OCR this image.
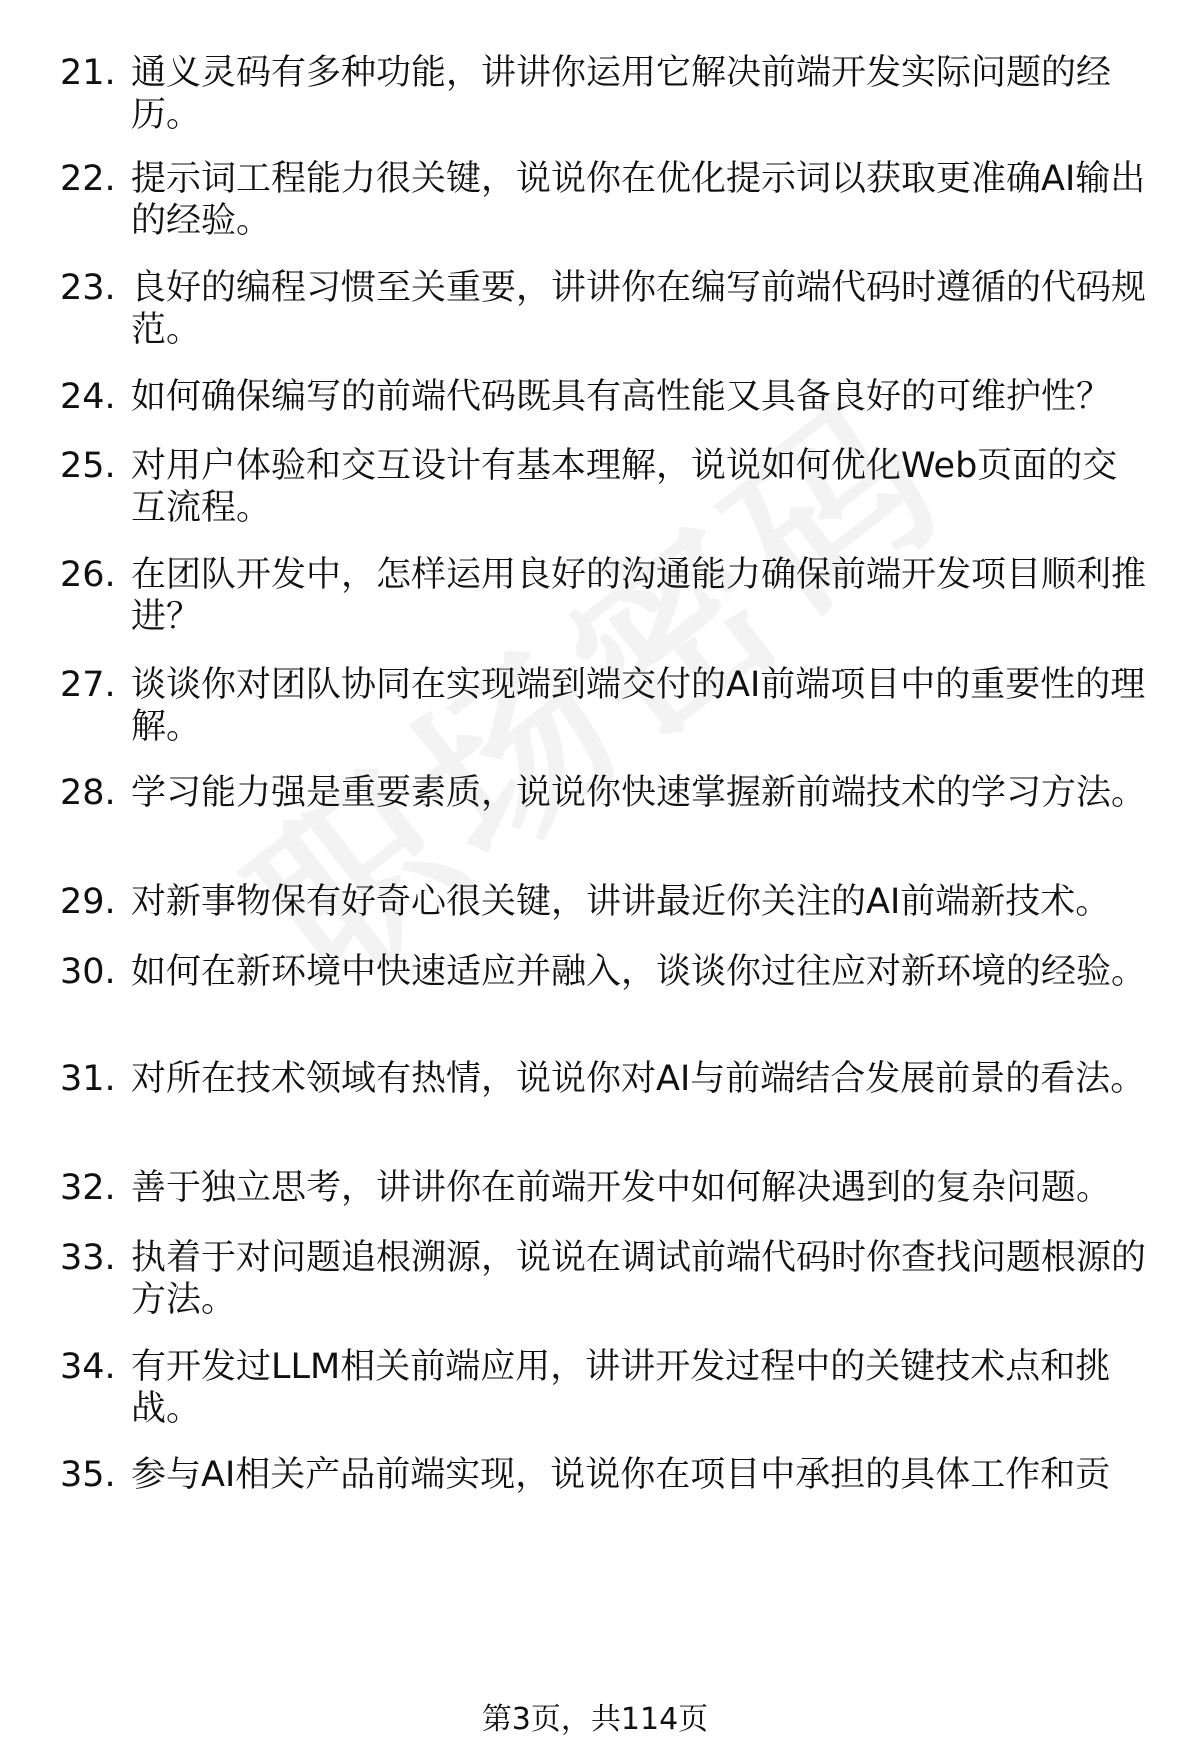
21. 通义灵码有多种功能，讲讲你运用它解决前端开发实际问题的经历。
22. 提示词工程能力很关键，说说你在优化提示词以获取更准确AI输出的经验。
23. 良好的编程习惯至关重要，讲讲你在编写前端代码时遵循的代码规范。
24. 如何确保编写的前端代码既具有高性能又具备良好的可维护性？
25. 对用户体验和交互设计有基本理解，说说如何优化Web页面的交互流程。
26. 在团队开发中，怎样运用良好的沟通能力确保前端开发项目顺利推进？
27. 谈谈你对团队协同在实现端到端交付的AI前端项目中的重要性的理解。
28. 学习能力强是重要素质，说说你快速掌握新前端技术的学习方法。
29. 对新事物保有好奇心很关键，讲讲最近你关注的AI前端新技术。
30. 如何在新环境中快速适应并融入，谈谈你过往应对新环境的经验。
31. 对所在技术领域有热情，说说你对AI与前端结合发展前景的看法。
32. 善于独立思考，讲讲你在前端开发中如何解决遇到的复杂问题。
33. 执着于对问题追根溯源，说说在调试前端代码时你查找问题根源的方法。
34. 有开发过LLM相关前端应用，讲讲开发过程中的关键技术点和挑战。
35. 参与AI相关产品前端实现，说说你在项目中承担的具体工作和贡
第3页，共114页
